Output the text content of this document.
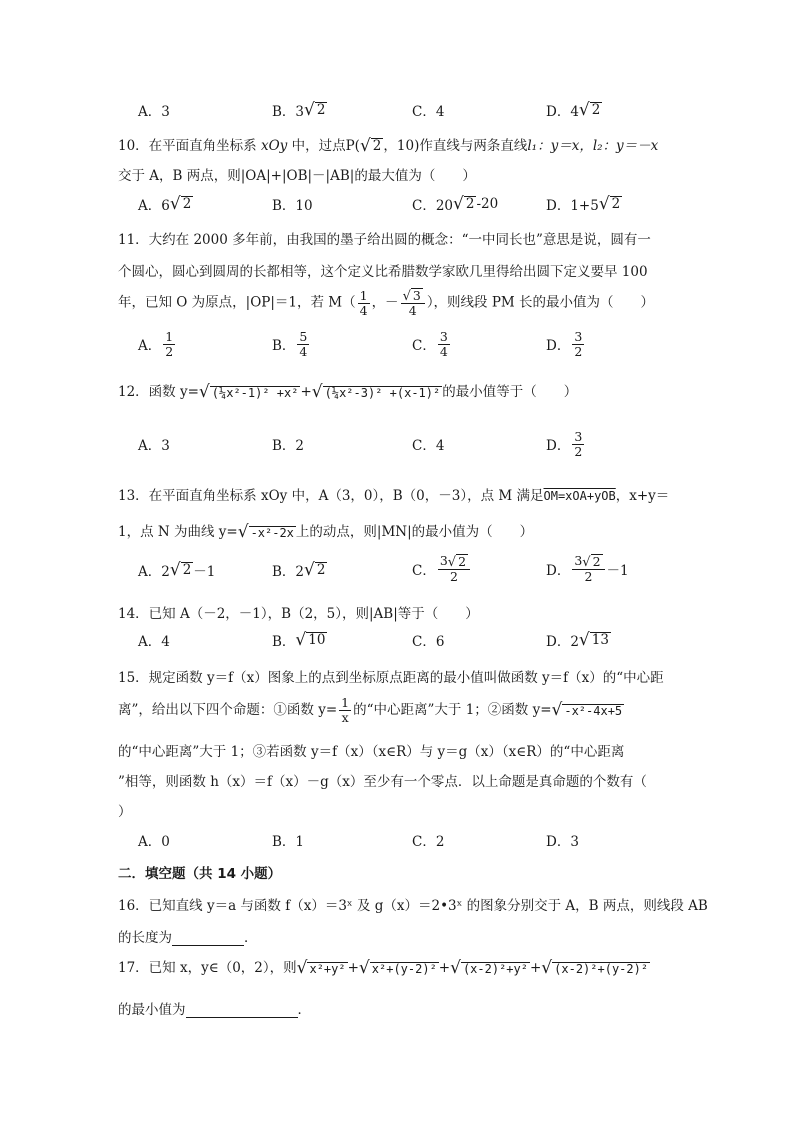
A．3	B．3 √ 2	C．4	D．4 √ 2
10．在平面直角坐标系 xOy 中，过点P( √ 2 ，10)作直线与两条直线l₁：y＝x，l₂：y＝－x
交于 A，B 两点，则|OA|+|OB|－|AB|的最大值为（　　）
A．6 √ 2	B．10	C．20 √ 2 -20	D．1+5 √ 2
11．大约在 2000 多年前，由我国的墨子给出圆的概念：“一中同长也”意思是说，圆有一
个圆心，圆心到圆周的长都相等，这个定义比希腊数学家欧几里得给出圆下定义要早 100
年，已知 O 为原点，|OP|＝1，若 $M( \frac{1}{4}$ ，－ $\frac{√ 3}{4}$ ），则线段 PM 长的最小值为（　　）
A． $\frac{1}{2}$	B． $\frac{5}{4}$	C． $\frac{3}{4}$	D． $\frac{3}{2}$
12．函数 y= √ (¼x²-1)² +x² + √ (¼x²-3)² +(x-1)² 的最小值等于（　　）
A．3	B．2	C．4	D． $\frac{3}{2}$
13．在平面直角坐标系 xOy 中，A（3，0），B（0，－3），点 M 满足OM=xOA+yOB，x+y＝
1，点 N 为曲线 y= √ -x²-2x 上的动点，则|MN|的最小值为（　　）
A．2 √ 2 －1	B．2 √ 2	C． $\frac{3 √ 2}{2}$	D． $\frac{3 √ 2}{2} -1$
14．已知 A（－2，－1），B（2，5），则|AB|等于（　　）
A．4	B． √ 10	C．6	D．2 √ 13
15．规定函数 y＝f（x）图象上的点到坐标原点距离的最小值叫做函数 y＝f（x）的“中心距
离”，给出以下四个命题：①函数 $y= \frac{1}{x}$ 的“中心距离”大于 1；②函数 y= √ -x²-4x+5
的“中心距离”大于 1；③若函数 y＝f（x）（x∈R）与 y＝g（x）（x∈R）的“中心距离
”相等，则函数 h（x）＝f（x）－g（x）至少有一个零点．以上命题是真命题的个数有（
）
A．0	B．1	C．2	D．3
二．填空题（共 14 小题）
16．已知直线 y＝a 与函数 f（x）＝3ˣ 及 g（x）＝2•3ˣ 的图象分别交于 A，B 两点，则线段 AB
的长度为	．
17．已知 x，y∈（0，2），则 √ x²+y² + √ x²+(y-2)² + √ (x-2)²+y² + √ (x-2)²+(y-2)²
的最小值为	．
